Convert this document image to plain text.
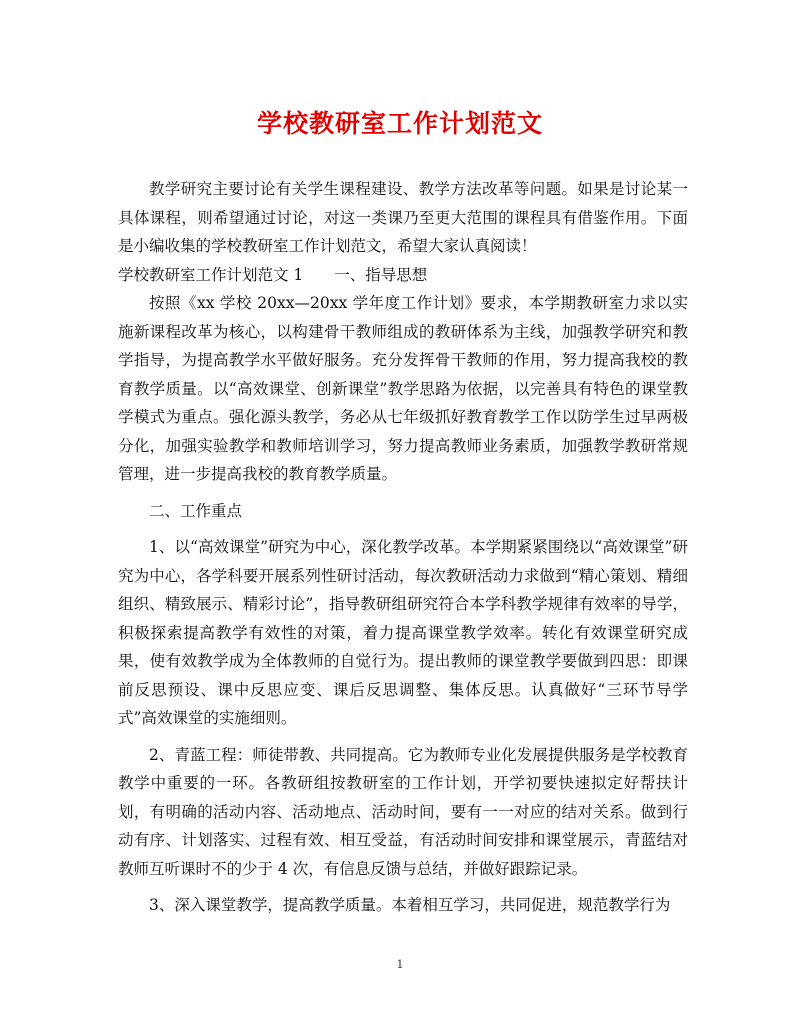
学校教研室工作计划范文

教学研究主要讨论有关学生课程建设、教学方法改革等问题。如果是讨论某一具体课程，则希望通过讨论，对这一类课乃至更大范围的课程具有借鉴作用。下面是小编收集的学校教研室工作计划范文，希望大家认真阅读！

学校教研室工作计划范文 1　　一、指导思想

按照《xx 学校 20xx—20xx 学年度工作计划》要求，本学期教研室力求以实施新课程改革为核心，以构建骨干教师组成的教研体系为主线，加强教学研究和教学指导，为提高教学水平做好服务。充分发挥骨干教师的作用，努力提高我校的教育教学质量。以“高效课堂、创新课堂”教学思路为依据，以完善具有特色的课堂教学模式为重点。强化源头教学，务必从七年级抓好教育教学工作以防学生过早两极分化，加强实验教学和教师培训学习，努力提高教师业务素质，加强教学教研常规管理，进一步提高我校的教育教学质量。

二、工作重点

1、以“高效课堂”研究为中心，深化教学改革。本学期紧紧围绕以“高效课堂”研究为中心，各学科要开展系列性研讨活动，每次教研活动力求做到“精心策划、精细组织、精致展示、精彩讨论”，指导教研组研究符合本学科教学规律有效率的导学，积极探索提高教学有效性的对策，着力提高课堂教学效率。转化有效课堂研究成果，使有效教学成为全体教师的自觉行为。提出教师的课堂教学要做到四思：即课前反思预设、课中反思应变、课后反思调整、集体反思。认真做好“三环节导学式”高效课堂的实施细则。

2、青蓝工程：师徒带教、共同提高。它为教师专业化发展提供服务是学校教育教学中重要的一环。各教研组按教研室的工作计划，开学初要快速拟定好帮扶计划，有明确的活动内容、活动地点、活动时间，要有一一对应的结对关系。做到行动有序、计划落实、过程有效、相互受益，有活动时间安排和课堂展示，青蓝结对教师互听课时不的少于 4 次，有信息反馈与总结，并做好跟踪记录。

3、深入课堂教学，提高教学质量。本着相互学习，共同促进，规范教学行为

1
